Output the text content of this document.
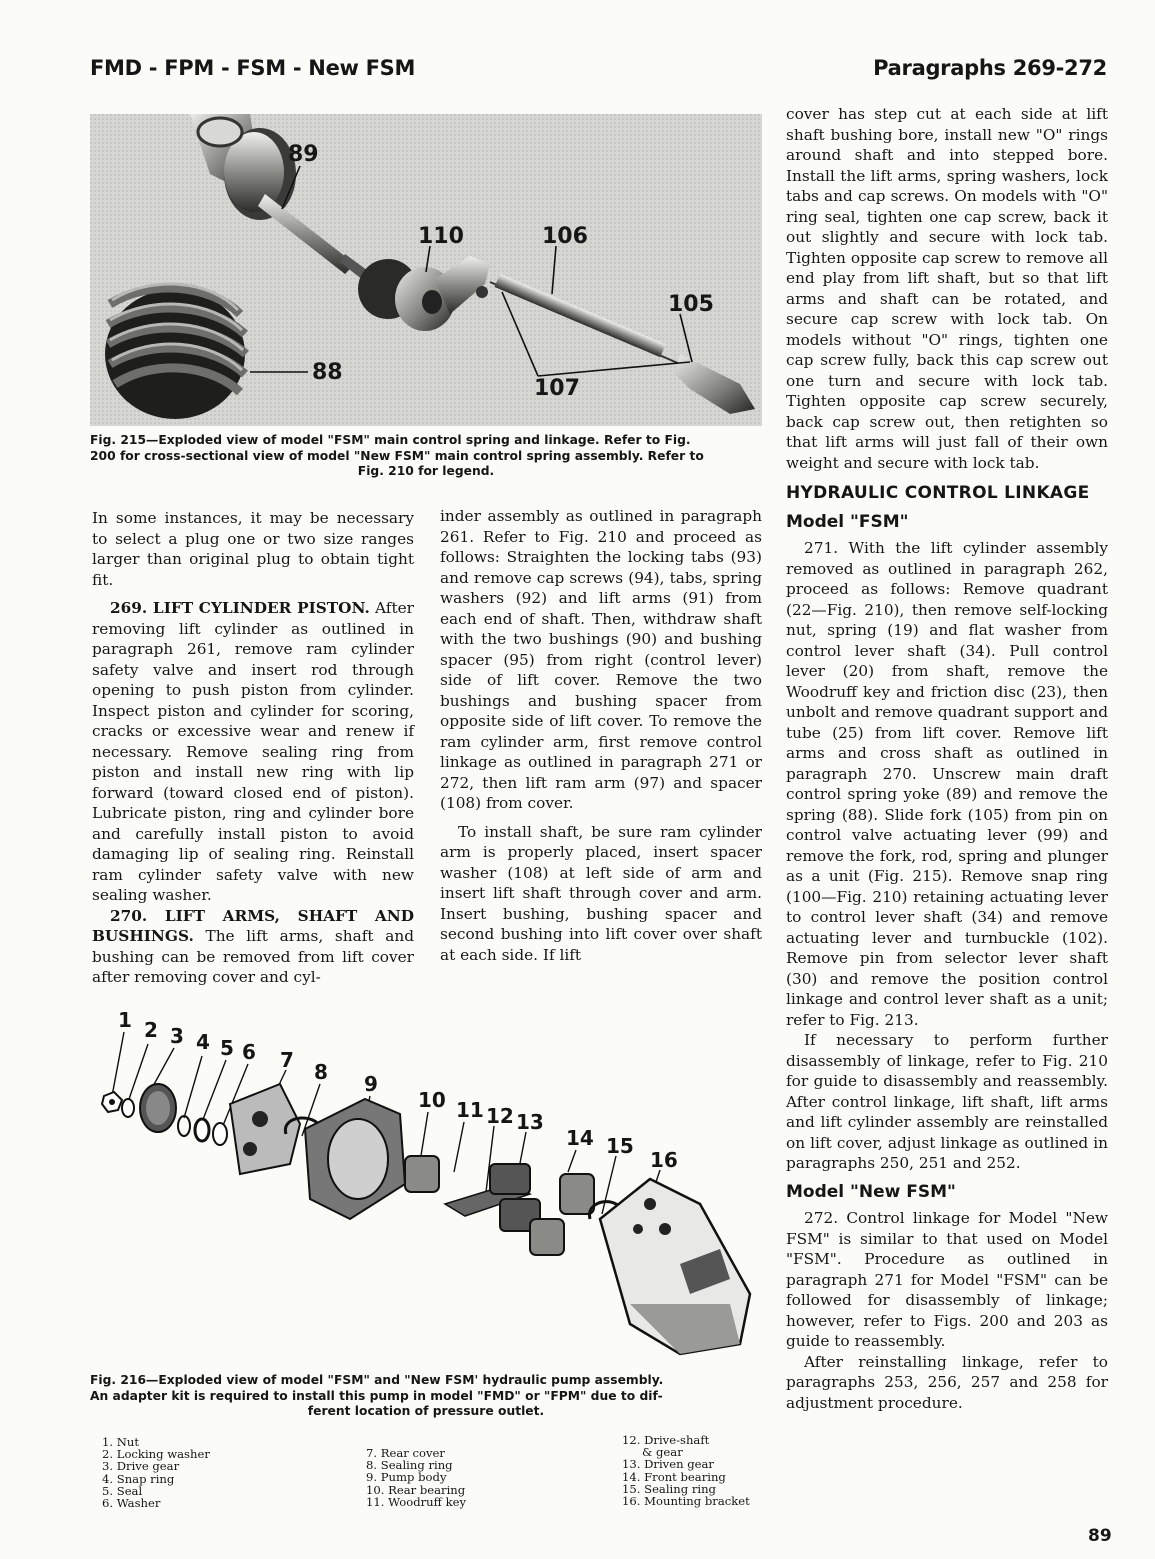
FMD - FPM - FSM - New FSM	Paragraphs 269-272
89
110	106
105
88
107
Fig. 215—Exploded view of model "FSM" main control spring and linkage. Refer to Fig.
200 for cross-sectional view of model "New FSM" main control spring assembly. Refer to
Fig. 210 for legend.

In some instances, it may be necessary to select a plug one or two size ranges larger than original plug to obtain tight fit.

269. LIFT CYLINDER PISTON. After removing lift cylinder as outlined in paragraph 261, remove ram cylinder safety valve and insert rod through opening to push piston from cylinder. Inspect piston and cylinder for scoring, cracks or excessive wear and renew if necessary. Remove sealing ring from piston and install new ring with lip forward (toward closed end of piston). Lubricate piston, ring and cylinder bore and carefully install piston to avoid damaging lip of sealing ring. Reinstall ram cylinder safety valve with new sealing washer.

270. LIFT ARMS, SHAFT AND BUSHINGS. The lift arms, shaft and bushing can be removed from lift cover after removing cover and cyl-

inder assembly as outlined in paragraph 261. Refer to Fig. 210 and proceed as follows: Straighten the locking tabs (93) and remove cap screws (94), tabs, spring washers (92) and lift arms (91) from each end of shaft. Then, withdraw shaft with the two bushings (90) and bushing spacer (95) from right (control lever) side of lift cover. Remove the two bushings and bushing spacer from opposite side of lift cover. To remove the ram cylinder arm, first remove control linkage as outlined in paragraph 271 or 272, then lift ram arm (97) and spacer (108) from cover.

To install shaft, be sure ram cylinder arm is properly placed, insert spacer washer (108) at left side of arm and insert lift shaft through cover and arm. Insert bushing, bushing spacer and second bushing into lift cover over shaft at each side. If lift

cover has step cut at each side at lift shaft bushing bore, install new "O" rings around shaft and into stepped bore. Install the lift arms, spring washers, lock tabs and cap screws. On models with "O" ring seal, tighten one cap screw, back it out slightly and secure with lock tab. Tighten opposite cap screw to remove all end play from lift shaft, but so that lift arms and shaft can be rotated, and secure cap screw with lock tab. On models without "O" rings, tighten one cap screw fully, back this cap screw out one turn and secure with lock tab. Tighten opposite cap screw securely, back cap screw out, then retighten so that lift arms will just fall of their own weight and secure with lock tab.

HYDRAULIC CONTROL LINKAGE
Model "FSM"

271. With the lift cylinder assembly removed as outlined in paragraph 262, proceed as follows: Remove quadrant (22—Fig. 210), then remove self-locking nut, spring (19) and flat washer from control lever shaft (34). Pull control lever (20) from shaft, remove the Woodruff key and friction disc (23), then unbolt and remove quadrant support and tube (25) from lift cover. Remove lift arms and cross shaft as outlined in paragraph 270. Unscrew main draft control spring yoke (89) and remove the spring (88). Slide fork (105) from pin on control valve actuating lever (99) and remove the fork, rod, spring and plunger as a unit (Fig. 215). Remove snap ring (100—Fig. 210) retaining actuating lever to control lever shaft (34) and remove actuating lever and turnbuckle (102). Remove pin from selector lever shaft (30) and remove the position control linkage and control lever shaft as a unit; refer to Fig. 213.

If necessary to perform further disassembly of linkage, refer to Fig. 210 for guide to disassembly and reassembly. After control linkage, lift shaft, lift arms and lift cylinder assembly are reinstalled on lift cover, adjust linkage as outlined in paragraphs 250, 251 and 252.

Model "New FSM"

272. Control linkage for Model "New FSM" is similar to that used on Model "FSM". Procedure as outlined in paragraph 271 for Model "FSM" can be followed for disassembly of linkage; however, refer to Figs. 200 and 203 as guide to reassembly.

After reinstalling linkage, refer to paragraphs 253, 256, 257 and 258 for adjustment procedure.

1 2 3 4 5 6 7 8 9
10 11 12 13
14 15
16
Fig. 216—Exploded view of model "FSM" and "New FSM' hydraulic pump assembly.
An adapter kit is required to install this pump in model "FMD" or "FPM" due to dif-
ferent location of pressure outlet.
1. Nut
2. Locking washer
3. Drive gear
4. Snap ring
5. Seal
6. Washer
7. Rear cover
8. Sealing ring
9. Pump body
10. Rear bearing
11. Woodruff key
12. Drive-shaft
& gear
13. Driven gear
14. Front bearing
15. Sealing ring
16. Mounting bracket
89
